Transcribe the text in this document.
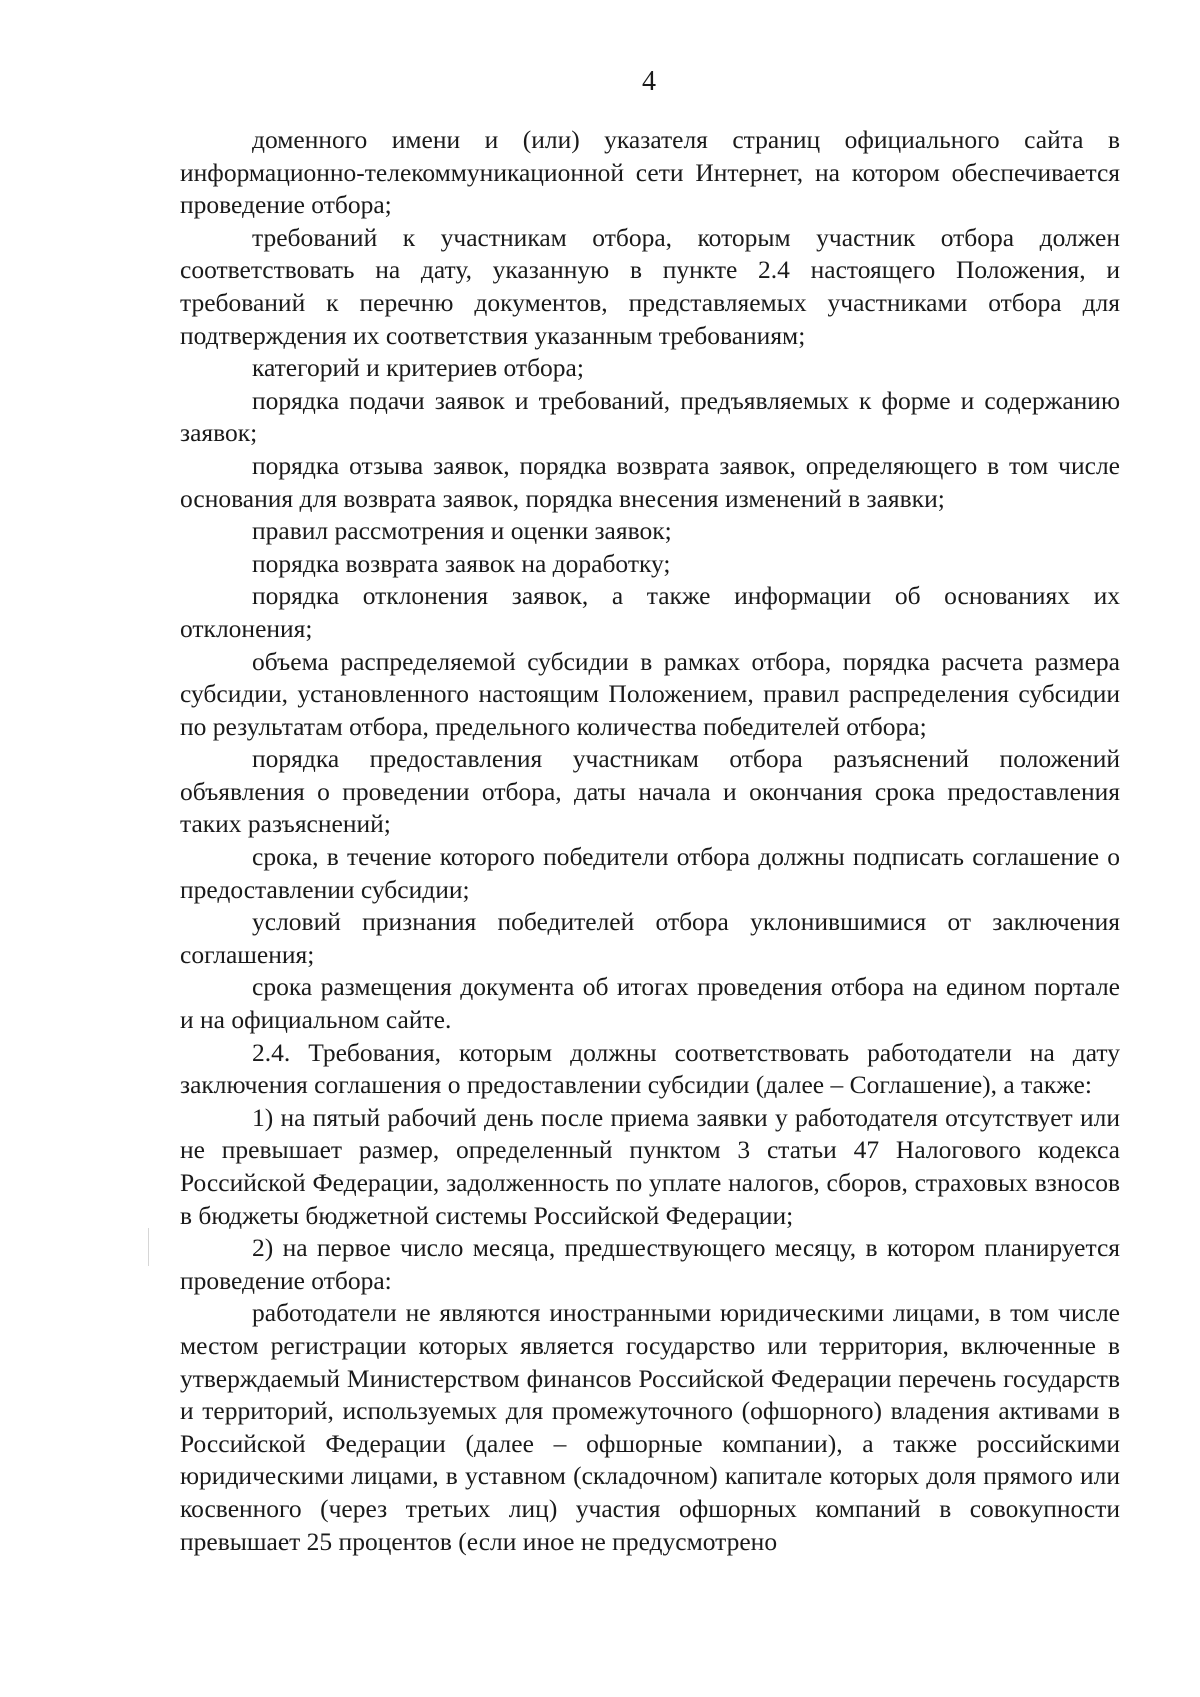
4

доменного имени и (или) указателя страниц официального сайта в информационно-телекоммуникационной сети Интернет, на котором обеспечивается проведение отбора;

требований к участникам отбора, которым участник отбора должен соответствовать на дату, указанную в пункте 2.4 настоящего Положения, и требований к перечню документов, представляемых участниками отбора для подтверждения их соответствия указанным требованиям;

категорий и критериев отбора;

порядка подачи заявок и требований, предъявляемых к форме и содержанию заявок;

порядка отзыва заявок, порядка возврата заявок, определяющего в том числе основания для возврата заявок, порядка внесения изменений в заявки;

правил рассмотрения и оценки заявок;

порядка возврата заявок на доработку;

порядка отклонения заявок, а также информации об основаниях их отклонения;

объема распределяемой субсидии в рамках отбора, порядка расчета размера субсидии, установленного настоящим Положением, правил распределения субсидии по результатам отбора, предельного количества победителей отбора;

порядка предоставления участникам отбора разъяснений положений объявления о проведении отбора, даты начала и окончания срока предоставления таких разъяснений;

срока, в течение которого победители отбора должны подписать соглашение о предоставлении субсидии;

условий признания победителей отбора уклонившимися от заключения соглашения;

срока размещения документа об итогах проведения отбора на едином портале и на официальном сайте.

2.4. Требования, которым должны соответствовать работодатели на дату заключения соглашения о предоставлении субсидии (далее – Соглашение), а также:

1) на пятый рабочий день после приема заявки у работодателя отсутствует или не превышает размер, определенный пунктом 3 статьи 47 Налогового кодекса Российской Федерации, задолженность по уплате налогов, сборов, страховых взносов в бюджеты бюджетной системы Российской Федерации;

2) на первое число месяца, предшествующего месяцу, в котором планируется проведение отбора:

работодатели не являются иностранными юридическими лицами, в том числе местом регистрации которых является государство или территория, включенные в утверждаемый Министерством финансов Российской Федерации перечень государств и территорий, используемых для промежуточного (офшорного) владения активами в Российской Федерации (далее – офшорные компании), а также российскими юридическими лицами, в уставном (складочном) капитале которых доля прямого или косвенного (через третьих лиц) участия офшорных компаний в совокупности превышает 25 процентов (если иное не предусмотрено
